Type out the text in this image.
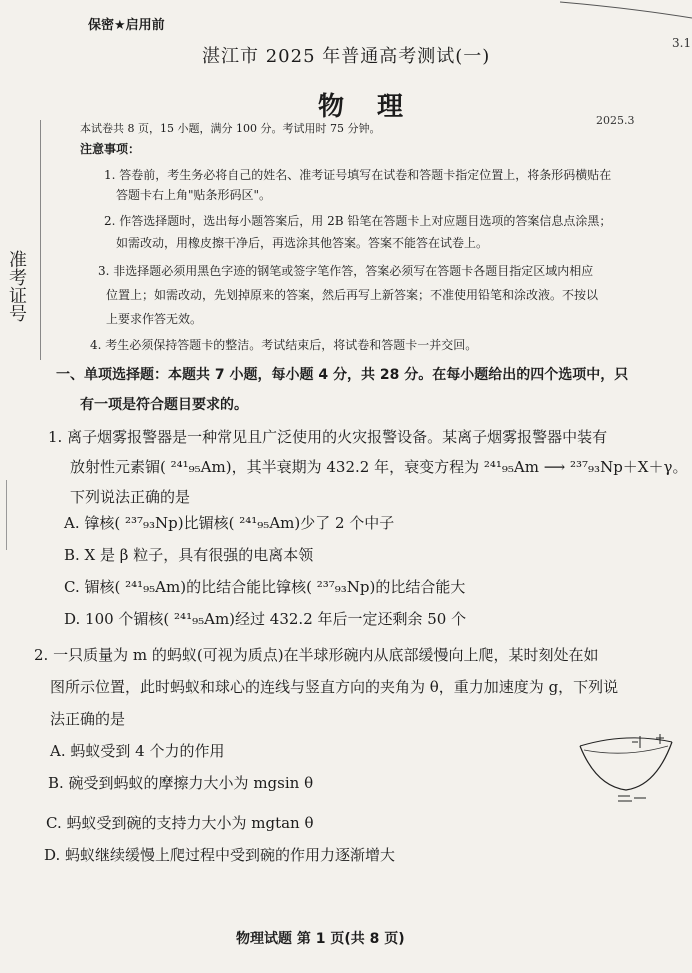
准考证号
保密★启用前
3.1
湛江市 2025 年普通高考测试(一)
物 理	2025.3
本试卷共 8 页，15 小题，满分 100 分。考试用时 75 分钟。
注意事项：
1. 答卷前，考生务必将自己的姓名、准考证号填写在试卷和答题卡指定位置上，将条形码横贴在
答题卡右上角"贴条形码区"。
2. 作答选择题时，选出每小题答案后，用 2B 铅笔在答题卡上对应题目选项的答案信息点涂黑；
如需改动，用橡皮擦干净后，再选涂其他答案。答案不能答在试卷上。
3. 非选择题必须用黑色字迹的钢笔或签字笔作答，答案必须写在答题卡各题目指定区域内相应
位置上；如需改动，先划掉原来的答案，然后再写上新答案；不准使用铅笔和涂改液。不按以
上要求作答无效。
4. 考生必须保持答题卡的整洁。考试结束后，将试卷和答题卡一并交回。
一、单项选择题：本题共 7 小题，每小题 4 分，共 28 分。在每小题给出的四个选项中，只
有一项是符合题目要求的。
1. 离子烟雾报警器是一种常见且广泛使用的火灾报警设备。某离子烟雾报警器中装有
放射性元素镅( ²⁴¹₉₅Am)，其半衰期为 432.2 年，衰变方程为 ²⁴¹₉₅Am ⟶ ²³⁷₉₃Np＋X＋γ。
下列说法正确的是
A. 镎核( ²³⁷₉₃Np)比镅核( ²⁴¹₉₅Am)少了 2 个中子
B. X 是 β 粒子，具有很强的电离本领
C. 镅核( ²⁴¹₉₅Am)的比结合能比镎核( ²³⁷₉₃Np)的比结合能大
D. 100 个镅核( ²⁴¹₉₅Am)经过 432.2 年后一定还剩余 50 个
2. 一只质量为 m 的蚂蚁(可视为质点)在半球形碗内从底部缓慢向上爬，某时刻处在如
图所示位置，此时蚂蚁和球心的连线与竖直方向的夹角为 θ，重力加速度为 g，下列说
法正确的是
A. 蚂蚁受到 4 个力的作用
B. 碗受到蚂蚁的摩擦力大小为 mgsin θ
C. 蚂蚁受到碗的支持力大小为 mgtan θ
D. 蚂蚁继续缓慢上爬过程中受到碗的作用力逐渐增大
物理试题 第 1 页(共 8 页)
